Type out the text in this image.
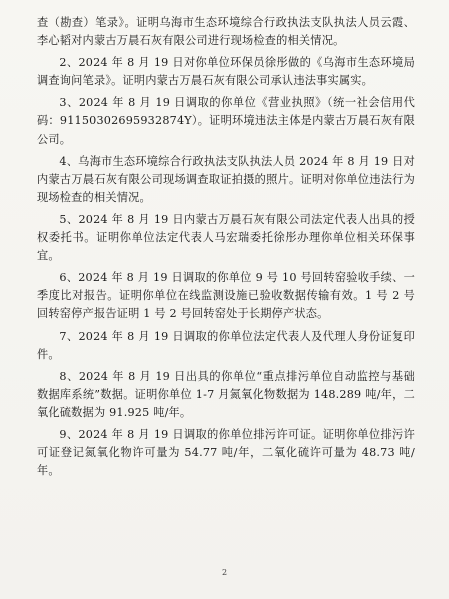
查（勘查）笔录》。证明乌海市生态环境综合行政执法支队执法人员云霞、李心韬对内蒙古万晨石灰有限公司进行现场检查的相关情况。

2、2024 年 8 月 19 日对你单位环保员徐彤做的《乌海市生态环境局调查询问笔录》。证明内蒙古万晨石灰有限公司承认违法事实属实。

3、2024 年 8 月 19 日调取的你单位《营业执照》（统一社会信用代码：91150302695932874Y）。证明环境违法主体是内蒙古万晨石灰有限公司。

4、乌海市生态环境综合行政执法支队执法人员 2024 年 8 月 19 日对内蒙古万晨石灰有限公司现场调查取证拍摄的照片。证明对你单位违法行为现场检查的相关情况。

5、2024 年 8 月 19 日内蒙古万晨石灰有限公司法定代表人出具的授权委托书。证明你单位法定代表人马宏瑞委托徐彤办理你单位相关环保事宜。

6、2024 年 8 月 19 日调取的你单位 9 号 10 号回转窑验收手续、一季度比对报告。证明你单位在线监测设施已验收数据传输有效。1 号 2 号回转窑停产报告证明 1 号 2 号回转窑处于长期停产状态。

7、2024 年 8 月 19 日调取的你单位法定代表人及代理人身份证复印件。

8、2024 年 8 月 19 日出具的你单位“重点排污单位自动监控与基础数据库系统”数据。证明你单位 1-7 月氮氧化物数据为 148.289 吨/年，二氧化硫数据为 91.925 吨/年。

9、2024 年 8 月 19 日调取的你单位排污许可证。证明你单位排污许可证登记氮氧化物许可量为 54.77 吨/年，二氧化硫许可量为 48.73 吨/年。

2
